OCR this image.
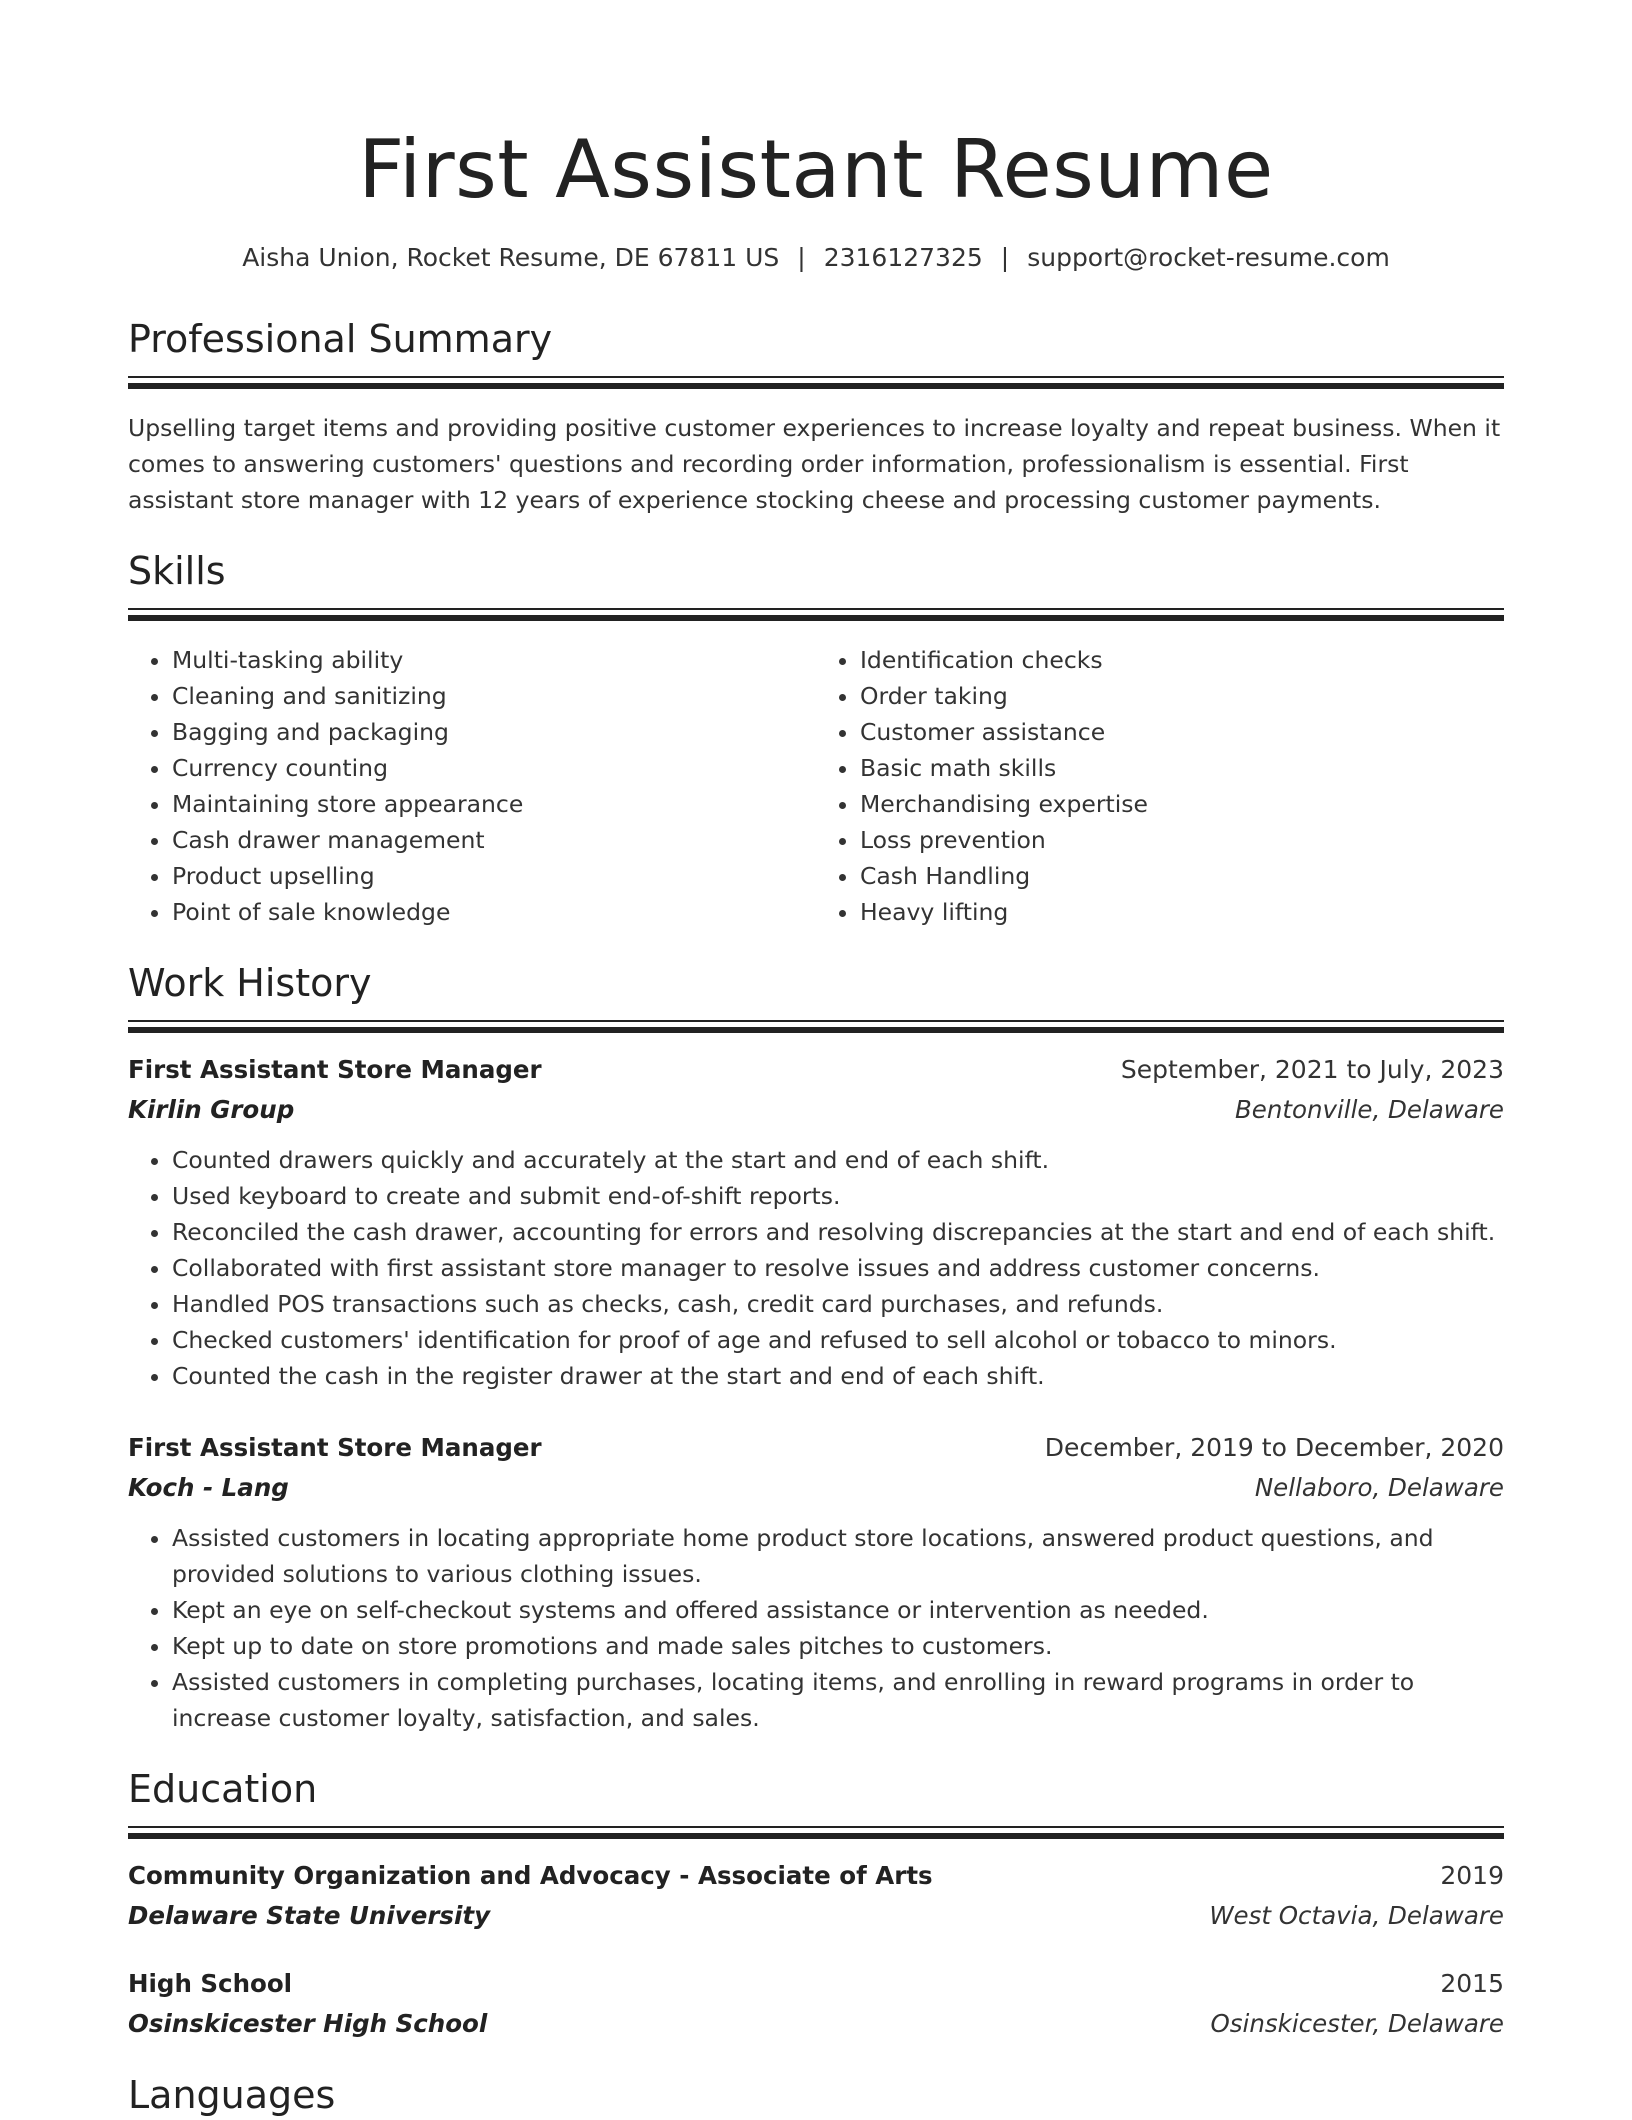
First Assistant Resume
Aisha Union, Rocket Resume, DE 67811 US | 2316127325 | support@rocket-resume.com
Professional Summary
Upselling target items and providing positive customer experiences to increase loyalty and repeat business. When it comes to answering customers' questions and recording order information, professionalism is essential. First assistant store manager with 12 years of experience stocking cheese and processing customer payments.
Skills
• Multi-tasking ability
• Cleaning and sanitizing
• Bagging and packaging
• Currency counting
• Maintaining store appearance
• Cash drawer management
• Product upselling
• Point of sale knowledge
• Identification checks
• Order taking
• Customer assistance
• Basic math skills
• Merchandising expertise
• Loss prevention
• Cash Handling
• Heavy lifting
Work History
First Assistant Store Manager	September, 2021 to July, 2023
Kirlin Group	Bentonville, Delaware
• Counted drawers quickly and accurately at the start and end of each shift.
• Used keyboard to create and submit end-of-shift reports.
• Reconciled the cash drawer, accounting for errors and resolving discrepancies at the start and end of each shift.
• Collaborated with first assistant store manager to resolve issues and address customer concerns.
• Handled POS transactions such as checks, cash, credit card purchases, and refunds.
• Checked customers' identification for proof of age and refused to sell alcohol or tobacco to minors.
• Counted the cash in the register drawer at the start and end of each shift.
First Assistant Store Manager	December, 2019 to December, 2020
Koch - Lang	Nellaboro, Delaware
• Assisted customers in locating appropriate home product store locations, answered product questions, and provided solutions to various clothing issues.
• Kept an eye on self-checkout systems and offered assistance or intervention as needed.
• Kept up to date on store promotions and made sales pitches to customers.
• Assisted customers in completing purchases, locating items, and enrolling in reward programs in order to increase customer loyalty, satisfaction, and sales.
Education
Community Organization and Advocacy - Associate of Arts	2019
Delaware State University	West Octavia, Delaware
High School	2015
Osinskicester High School	Osinskicester, Delaware
Languages
